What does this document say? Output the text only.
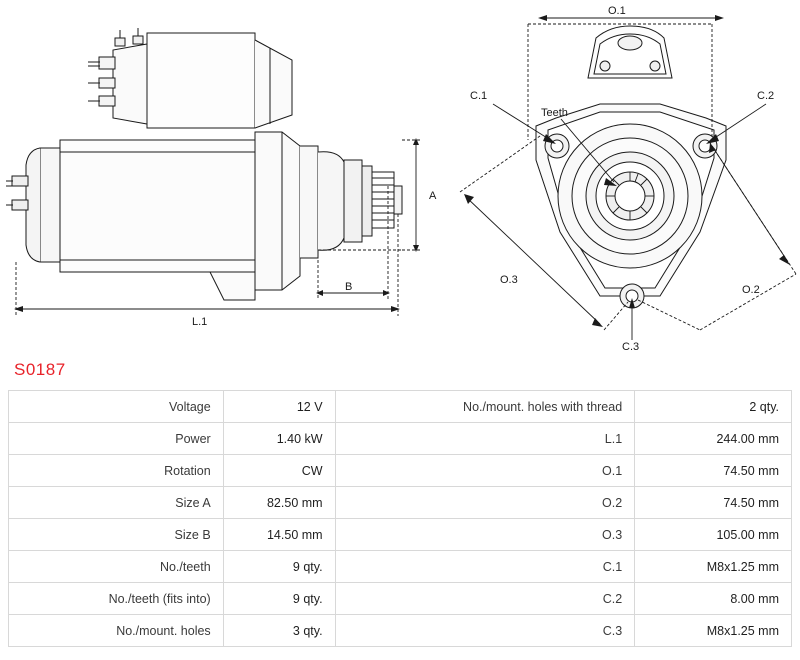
A
B
L.1
O.1
C.1	C.2
C.3
Teeth
O.2
O.3
S0187
Voltage	12 V	No./mount. holes with thread	2 qty.
Power	1.40 kW	L.1	244.00 mm
Rotation	CW	O.1	74.50 mm
Size A	82.50 mm	O.2	74.50 mm
Size B	14.50 mm	O.3	105.00 mm
No./teeth	9 qty.	C.1	M8x1.25 mm
No./teeth (fits into)	9 qty.	C.2	8.00 mm
No./mount. holes	3 qty.	C.3	M8x1.25 mm
